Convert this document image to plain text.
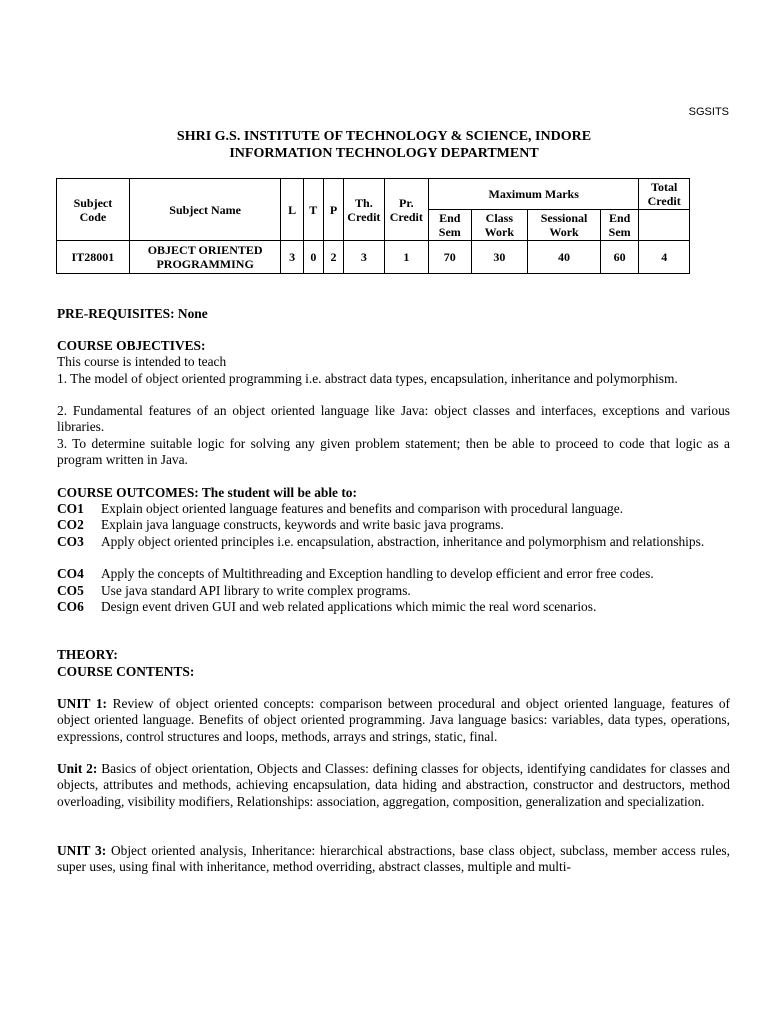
SGSITS
SHRI G.S. INSTITUTE OF TECHNOLOGY & SCIENCE, INDORE
INFORMATION TECHNOLOGY DEPARTMENT
Subject Code	Subject Name	L	T	P	Th. Credit	Pr. Credit	Maximum Marks				Total Credit
							End Sem	Class Work	Sessional Work	End Sem	
IT28001	OBJECT ORIENTED PROGRAMMING	3	0	2	3	1	70	30	40	60	4
PRE-REQUISITES: None
COURSE OBJECTIVES:
This course is intended to teach
1. The model of object oriented programming i.e. abstract data types, encapsulation, inheritance and polymorphism.
2. Fundamental features of an object oriented language like Java: object classes and interfaces, exceptions and various libraries.
3. To determine suitable logic for solving any given problem statement; then be able to proceed to code that logic as a program written in Java.
COURSE OUTCOMES: The student will be able to:
CO1 Explain object oriented language features and benefits and comparison with procedural language.
CO2 Explain java language constructs, keywords and write basic java programs.
CO3 Apply object oriented principles i.e. encapsulation, abstraction, inheritance and polymorphism and relationships.
CO4 Apply the concepts of Multithreading and Exception handling to develop efficient and error free codes.
CO5 Use java standard API library to write complex programs.
CO6 Design event driven GUI and web related applications which mimic the real word scenarios.
THEORY:
COURSE CONTENTS:
UNIT 1: Review of object oriented concepts: comparison between procedural and object oriented language, features of object oriented language. Benefits of object oriented programming. Java language basics: variables, data types, operations, expressions, control structures and loops, methods, arrays and strings, static, final.
Unit 2: Basics of object orientation, Objects and Classes: defining classes for objects, identifying candidates for classes and objects, attributes and methods, achieving encapsulation, data hiding and abstraction, constructor and destructors, method overloading, visibility modifiers, Relationships: association, aggregation, composition, generalization and specialization.
UNIT 3: Object oriented analysis, Inheritance: hierarchical abstractions, base class object, subclass, member access rules, super uses, using final with inheritance, method overriding, abstract classes, multiple and multi-
